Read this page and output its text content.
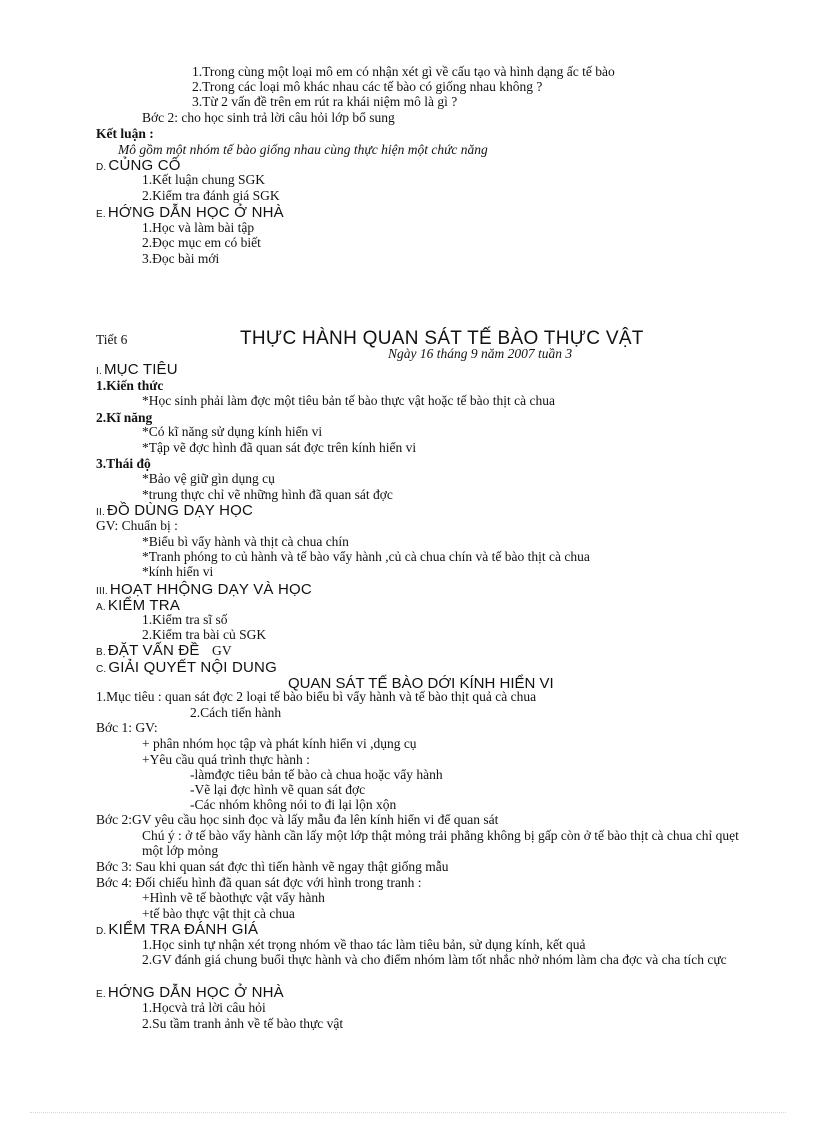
1.Trong cùng một loại mô em có nhận xét gì về cấu tạo và hình dạng ấc tế bào
2.Trong các loại mô khác nhau các tế bào có giống nhau không ?
3.Từ 2 vấn đề trên em rút ra khái niệm mô là gì ?
Bớc 2: cho học sinh trả lời câu hỏi lớp bổ sung
Kết luận :
Mô gồm một nhóm tế bào giống nhau cùng thực hiện một chức năng
D. CỦNG CỐ
1.Kết luận chung SGK
2.Kiểm tra đánh giá SGK
E. HỚNG DẪN HỌC Ở NHÀ
1.Học và làm bài tập
2.Đọc mục em có biết
3.Đọc bài mới
Tiết 6	THỰC HÀNH QUAN SÁT TẾ BÀO THỰC VẬT
Ngày 16 tháng 9 năm 2007 tuần 3
I. MỤC TIÊU
1.Kiến thức
*Học sinh phải làm đợc một tiêu bản tế bào thực vật hoặc tế bào thịt cà chua
2.Kĩ năng
*Có kĩ năng sử dụng kính hiển vi
*Tập vẽ đợc hình đã quan sát đợc trên kính hiển vi
3.Thái độ
*Bảo vệ giữ gìn dụng cụ
*trung thực chỉ vẽ những hình đã quan sát đợc
II. ĐỒ DÙNG DẠY HỌC
GV: Chuẩn bị :
*Biểu bì vẩy hành và thịt cà chua chín
*Tranh phóng to củ hành và tế bào vẩy hành ,củ cà chua chín và tế bào thịt cà chua
*kính hiển vi
III. HOẠT HHỘNG DẠY VÀ HỌC
A. KIỂM TRA
1.Kiểm tra sĩ số
2.Kiểm tra bài củ SGK
B. ĐẶT VẤN ĐỀ GV
C. GIẢI QUYẾT NỘI DUNG
QUAN SÁT TẾ BÀO DỚI KÍNH HIỂN VI
1.Mục tiêu : quan sát đợc 2 loại tế bào biểu bì vẩy hành và tế bào thịt quả cà chua
2.Cách tiến hành
Bớc 1: GV:
+ phân nhóm học tập và phát kính hiển vi ,dụng cụ
+Yêu cầu quá trình thực hành :
-làmđợc tiêu bản tế bào cà chua hoặc vẩy hành
-Vẽ lại đợc hình vẽ quan sát đợc
-Các nhóm không nói to đi lại lộn xộn
Bớc 2:GV yêu cầu học sinh đọc và lấy mẫu đa lên kính hiển vi để quan sát
Chú ý : ở tế bào vẩy hành cần lấy một lớp thật mỏng trải phẳng không bị gấp còn ở tế bào thịt cà chua chỉ quẹt một lớp mỏng
Bớc 3: Sau khi quan sát đợc thì tiến hành vẽ ngay thật giống mẫu
Bớc 4: Đối chiếu hình đã quan sát đợc với hình trong tranh :
+Hình vẽ tế bàothực vật vẩy hành
+tế bào thực vật thịt cà chua
D. KIỂM TRA ĐÁNH GIÁ
1.Học sinh tự nhận xét trọng nhóm về thao tác làm tiêu bản, sử dụng kính, kết quả
2.GV đánh giá chung buổi thực hành và cho điểm nhóm làm tốt nhắc nhở nhóm làm cha đợc và cha tích cực
E. HỚNG DẪN HỌC Ở NHÀ
1.Họcvà trả lời câu hỏi
2.Su tầm tranh ảnh về tế bào thực vật
